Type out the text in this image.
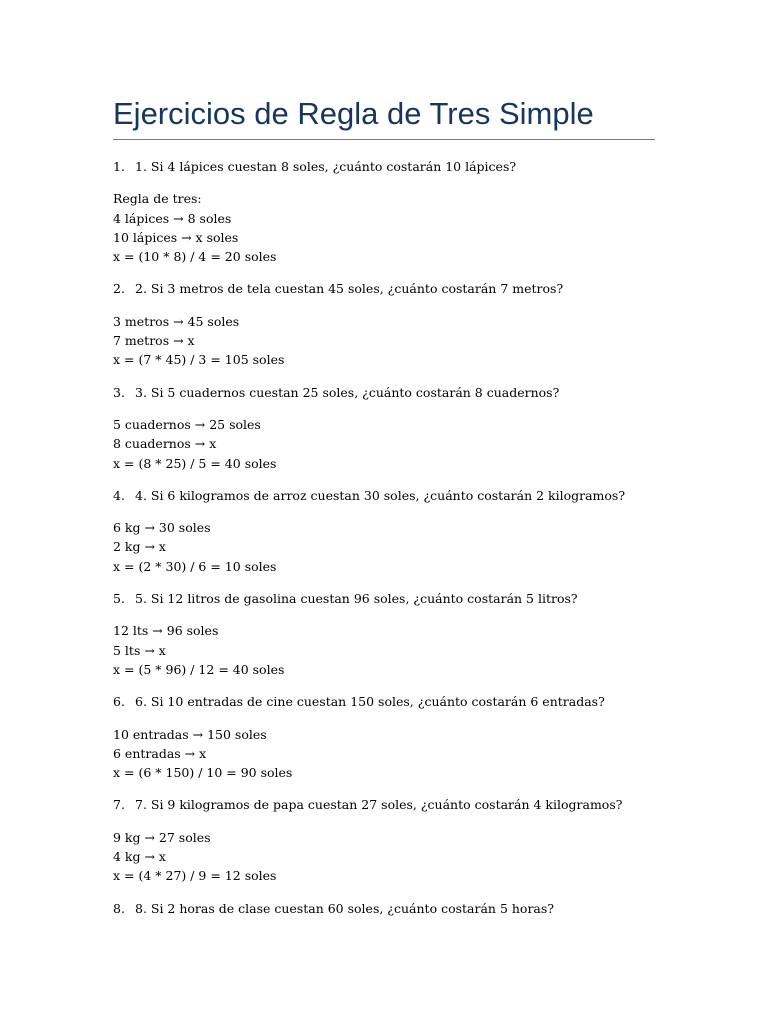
Ejercicios de Regla de Tres Simple

1. 1. Si 4 lápices cuestan 8 soles, ¿cuánto costarán 10 lápices?

Regla de tres:
4 lápices → 8 soles
10 lápices → x soles
x = (10 * 8) / 4 = 20 soles

2. 2. Si 3 metros de tela cuestan 45 soles, ¿cuánto costarán 7 metros?

3 metros → 45 soles
7 metros → x
x = (7 * 45) / 3 = 105 soles

3. 3. Si 5 cuadernos cuestan 25 soles, ¿cuánto costarán 8 cuadernos?

5 cuadernos → 25 soles
8 cuadernos → x
x = (8 * 25) / 5 = 40 soles

4. 4. Si 6 kilogramos de arroz cuestan 30 soles, ¿cuánto costarán 2 kilogramos?

6 kg → 30 soles
2 kg → x
x = (2 * 30) / 6 = 10 soles

5. 5. Si 12 litros de gasolina cuestan 96 soles, ¿cuánto costarán 5 litros?

12 lts → 96 soles
5 lts → x
x = (5 * 96) / 12 = 40 soles

6. 6. Si 10 entradas de cine cuestan 150 soles, ¿cuánto costarán 6 entradas?

10 entradas → 150 soles
6 entradas → x
x = (6 * 150) / 10 = 90 soles

7. 7. Si 9 kilogramos de papa cuestan 27 soles, ¿cuánto costarán 4 kilogramos?

9 kg → 27 soles
4 kg → x
x = (4 * 27) / 9 = 12 soles

8. 8. Si 2 horas de clase cuestan 60 soles, ¿cuánto costarán 5 horas?
